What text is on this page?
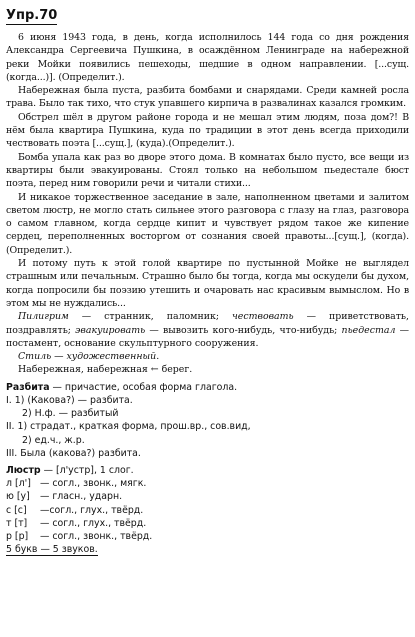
Упр.70

6 июня 1943 года, в день, когда исполнилось 144 года со дня рождения Александра Сергеевича Пушкина, в осаждённом Ленинграде на набережной реки Мойки появились пешеходы, шедшие в одном направлении. [...сущ. (когда...)]. (Определит.).

Набережная была пуста, разбита бомбами и снарядами. Среди камней росла трава. Было так тихо, что стук упавшего кирпича в развалинах казался громким.

Обстрел шёл в другом районе города и не мешал этим людям, поза дом?! В нём была квартира Пушкина, куда по традиции в этот день всегда приходили чествовать поэта [...сущ.], (куда).(Определит.).

Бомба упала как раз во дворе этого дома. В комнатах было пусто, все вещи из квартиры были эвакуированы. Стоял только на небольшом пьедестале бюст поэта, перед ним говорили речи и читали стихи...

И никакое торжественное заседание в зале, наполненном цветами и залитом светом люстр, не могло стать сильнее этого разговора с глазу на глаз, разговора о самом главном, когда сердце кипит и чувствует рядом такое же кипение сердец, переполненных восторгом от сознания своей правоты...[сущ.], (когда). (Определит.).

И потому путь к этой голой квартире по пустынной Мойке не выглядел страшным или печальным. Страшно было бы тогда, когда мы оскудели бы духом, когда попросили бы поэзию утешить и очаровать нас красивым вымыслом. Но в этом мы не нуждались...

Пилигрим — странник, паломник; чествовать — приветствовать, поздравлять; эвакуировать — вывозить кого-нибудь, что-нибудь; пьедестал — постамент, основание скульптурного сооружения.

Стиль — художественный.

Набережная, набережная ← берег.

Разбита — причастие, особая форма глагола.

I. 1) (Какова?) — разбита.

2) Н.ф. — разбитый

II. 1) страдат., краткая форма, прош.вр., сов.вид,

2) ед.ч., ж.р.

III. Была (какова?) разбита.

Люстр — [л'устр], 1 слог.

л [л'] — согл., звонк., мягк.

ю [у] — гласн., ударн.

с [с] —согл., глух., твёрд.

т [т] — согл., глух., твёрд.

р [р] — согл., звонк., твёрд.

5 букв — 5 звуков.
